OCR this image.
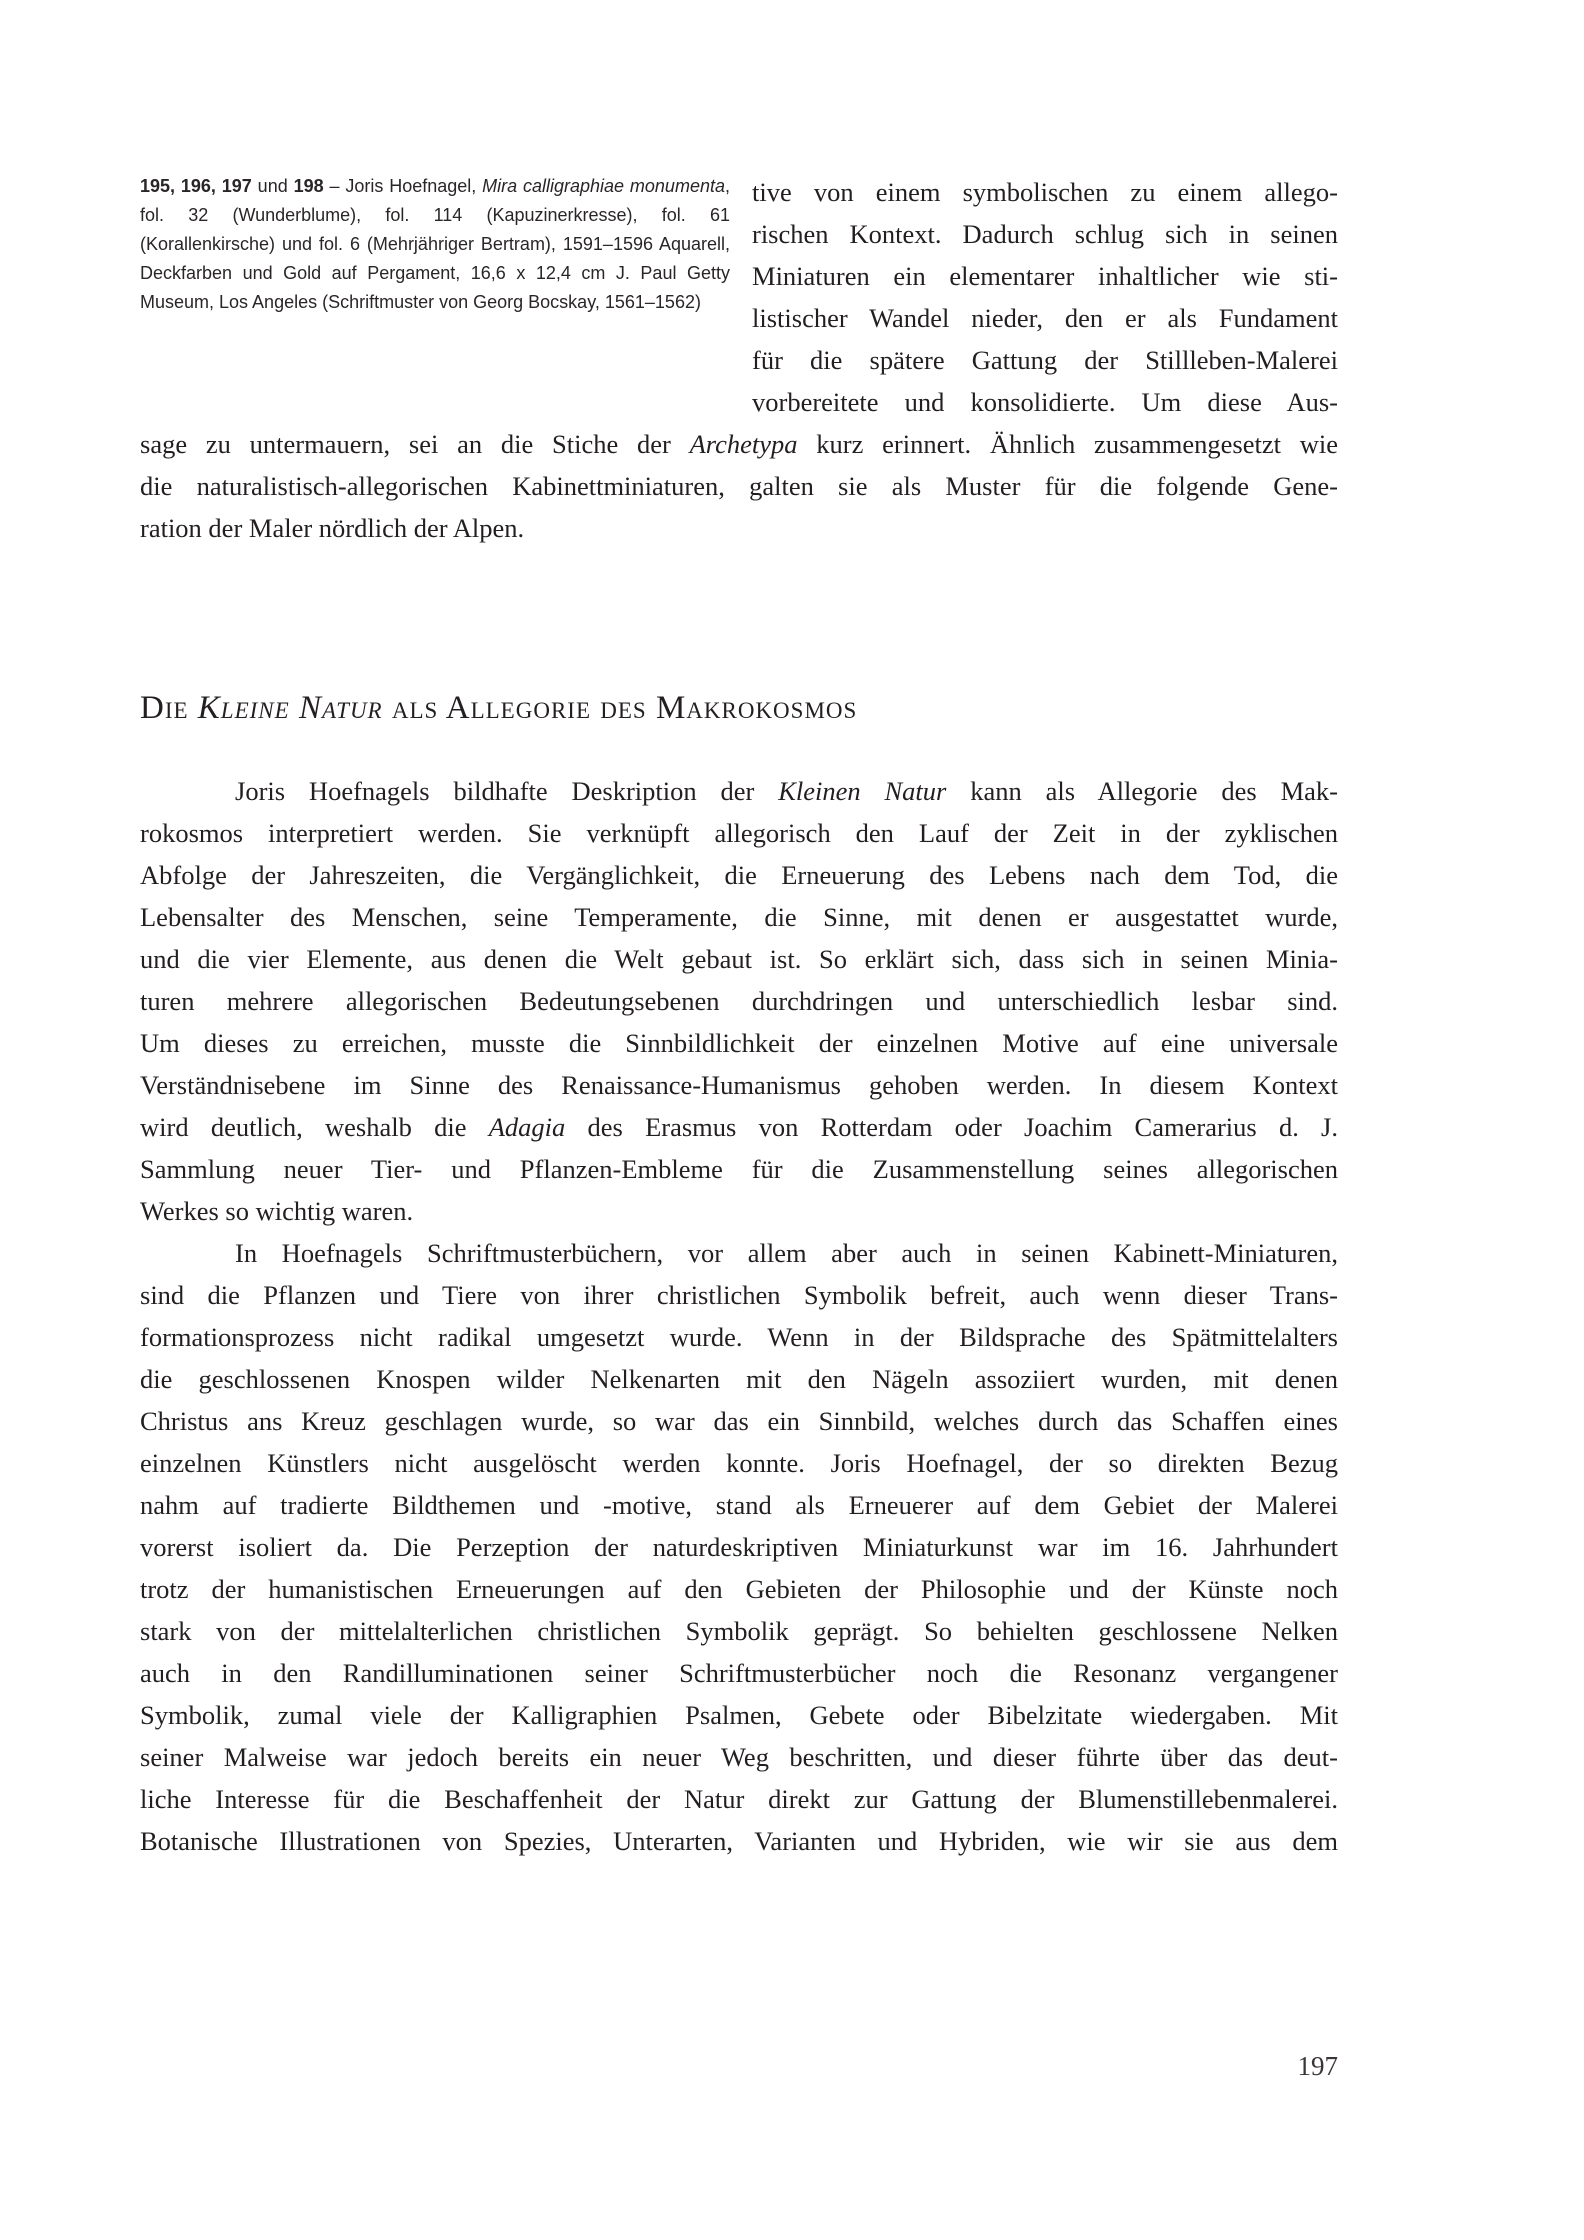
195, 196, 197 und 198 – Joris Hoefnagel, Mira calligraphiae monumenta, fol. 32 (Wunderblume), fol. 114 (Kapuzinerkresse), fol. 61 (Korallenkirsche) und fol. 6 (Mehrjähriger Bertram), 1591–1596 Aquarell, Deckfarben und Gold auf Pergament, 16,6 x 12,4 cm J. Paul Getty Museum, Los Angeles (Schriftmuster von Georg Bocskay, 1561–1562)
tive von einem symbolischen zu einem allego-
rischen Kontext. Dadurch schlug sich in seinen
Miniaturen ein elementarer inhaltlicher wie sti-
listischer Wandel nieder, den er als Fundament
für die spätere Gattung der Stillleben-Malerei
vorbereitete und konsolidierte. Um diese Aus-
sage zu untermauern, sei an die Stiche der Archetypa kurz erinnert. Ähnlich zusammengesetzt wie
die naturalistisch-allegorischen Kabinettminiaturen, galten sie als Muster für die folgende Gene-
ration der Maler nördlich der Alpen.
Die Kleine Natur als Allegorie des Makrokosmos
Joris Hoefnagels bildhafte Deskription der Kleinen Natur kann als Allegorie des Mak-
rokosmos interpretiert werden. Sie verknüpft allegorisch den Lauf der Zeit in der zyklischen
Abfolge der Jahreszeiten, die Vergänglichkeit, die Erneuerung des Lebens nach dem Tod, die
Lebensalter des Menschen, seine Temperamente, die Sinne, mit denen er ausgestattet wurde,
und die vier Elemente, aus denen die Welt gebaut ist. So erklärt sich, dass sich in seinen Minia-
turen mehrere allegorischen Bedeutungsebenen durchdringen und unterschiedlich lesbar sind.
Um dieses zu erreichen, musste die Sinnbildlichkeit der einzelnen Motive auf eine universale
Verständnisebene im Sinne des Renaissance-Humanismus gehoben werden. In diesem Kontext
wird deutlich, weshalb die Adagia des Erasmus von Rotterdam oder Joachim Camerarius d. J.
Sammlung neuer Tier- und Pflanzen-Embleme für die Zusammenstellung seines allegorischen
Werkes so wichtig waren.
In Hoefnagels Schriftmusterbüchern, vor allem aber auch in seinen Kabinett-Miniaturen,
sind die Pflanzen und Tiere von ihrer christlichen Symbolik befreit, auch wenn dieser Trans-
formationsprozess nicht radikal umgesetzt wurde. Wenn in der Bildsprache des Spätmittelalters
die geschlossenen Knospen wilder Nelkenarten mit den Nägeln assoziiert wurden, mit denen
Christus ans Kreuz geschlagen wurde, so war das ein Sinnbild, welches durch das Schaffen eines
einzelnen Künstlers nicht ausgelöscht werden konnte. Joris Hoefnagel, der so direkten Bezug
nahm auf tradierte Bildthemen und -motive, stand als Erneuerer auf dem Gebiet der Malerei
vorerst isoliert da. Die Perzeption der naturdeskriptiven Miniaturkunst war im 16. Jahrhundert
trotz der humanistischen Erneuerungen auf den Gebieten der Philosophie und der Künste noch
stark von der mittelalterlichen christlichen Symbolik geprägt. So behielten geschlossene Nelken
auch in den Randilluminationen seiner Schriftmusterbücher noch die Resonanz vergangener
Symbolik, zumal viele der Kalligraphien Psalmen, Gebete oder Bibelzitate wiedergaben. Mit
seiner Malweise war jedoch bereits ein neuer Weg beschritten, und dieser führte über das deut-
liche Interesse für die Beschaffenheit der Natur direkt zur Gattung der Blumenstillebenmalerei.
Botanische Illustrationen von Spezies, Unterarten, Varianten und Hybriden, wie wir sie aus dem
197
